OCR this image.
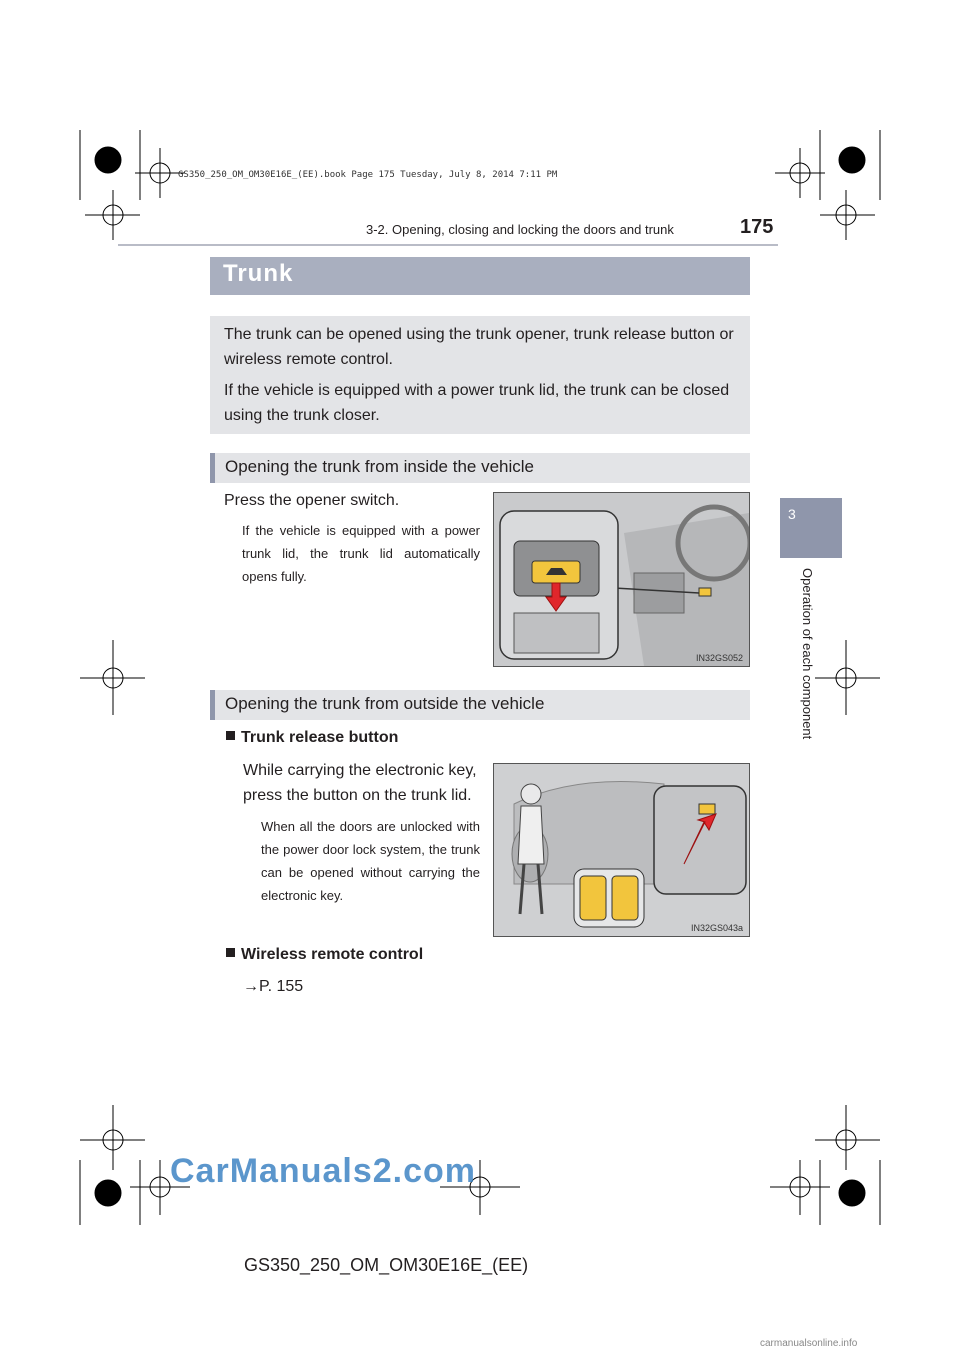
GS350_250_OM_OM30E16E_(EE).book Page 175 Tuesday, July 8, 2014 7:11 PM
3-2. Opening, closing and locking the doors and trunk	175
3
Operation of each component
Trunk
The trunk can be opened using the trunk opener, trunk release button or wireless remote control.
If the vehicle is equipped with a power trunk lid, the trunk can be closed using the trunk closer.
Opening the trunk from inside the vehicle
Press the opener switch.
If the vehicle is equipped with a power trunk lid, the trunk lid automatically opens fully.
IN32GS052
Opening the trunk from outside the vehicle
Trunk release button
While carrying the electronic key, press the button on the trunk lid.
When all the doors are unlocked with the power door lock system, the trunk can be opened without carrying the electronic key.
IN32GS043a
Wireless remote control
→P. 155
CarManuals2.com
GS350_250_OM_OM30E16E_(EE)
carmanualsonline.info
